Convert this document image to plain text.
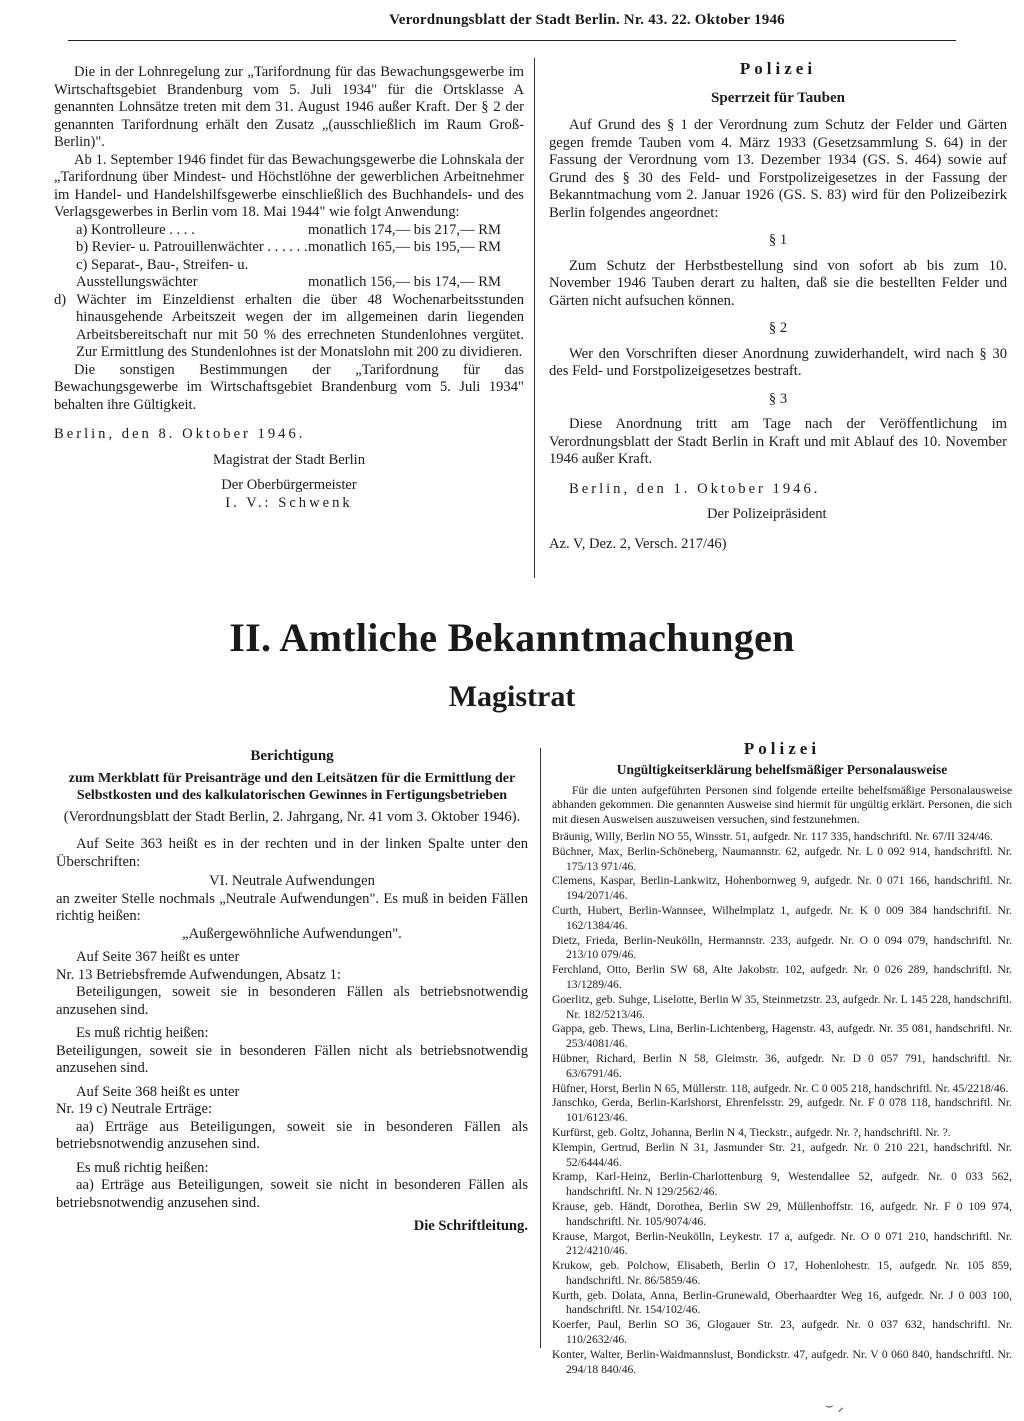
Verordnungsblatt der Stadt Berlin. Nr. 43. 22. Oktober 1946

Die in der Lohnregelung zur „Tarifordnung für das Bewachungsgewerbe im Wirtschaftsgebiet Brandenburg vom 5. Juli 1934" für die Ortsklasse A genannten Lohnsätze treten mit dem 31. August 1946 außer Kraft. Der § 2 der genannten Tarifordnung erhält den Zusatz „(ausschließlich im Raum Groß-Berlin)".

Ab 1. September 1946 findet für das Bewachungsgewerbe die Lohnskala der „Tarifordnung über Mindest- und Höchstlöhne der gewerblichen Arbeitnehmer im Handel- und Handelshilfsgewerbe einschließlich des Buchhandels- und des Verlagsgewerbes in Berlin vom 18. Mai 1944" wie folgt Anwendung:

a) Kontrolleure . . . .	monatlich 174,— bis 217,— RM
b) Revier- u. Patrouillenwächter . . . . . . monatlich 165,— bis 195,— RM
c) Separat-, Bau-, Streifen- u. Ausstellungswächter	monatlich 156,— bis 174,— RM

d) Wächter im Einzeldienst erhalten die über 48 Wochenarbeitsstunden hinausgehende Arbeitszeit wegen der im allgemeinen darin liegenden Arbeitsbereitschaft nur mit 50 % des errechneten Stundenlohnes vergütet. Zur Ermittlung des Stundenlohnes ist der Monatslohn mit 200 zu dividieren.

Die sonstigen Bestimmungen der „Tarifordnung für das Bewachungsgewerbe im Wirtschaftsgebiet Brandenburg vom 5. Juli 1934" behalten ihre Gültigkeit.

Berlin, den 8. Oktober 1946.

Magistrat der Stadt Berlin

Der Oberbürgermeister

I. V.: Schwenk

Polizei

Sperrzeit für Tauben

Auf Grund des § 1 der Verordnung zum Schutz der Felder und Gärten gegen fremde Tauben vom 4. März 1933 (Gesetzsammlung S. 64) in der Fassung der Verordnung vom 13. Dezember 1934 (GS. S. 464) sowie auf Grund des § 30 des Feld- und Forstpolizeigesetzes in der Fassung der Bekanntmachung vom 2. Januar 1926 (GS. S. 83) wird für den Polizeibezirk Berlin folgendes angeordnet:

§ 1

Zum Schutz der Herbstbestellung sind von sofort ab bis zum 10. November 1946 Tauben derart zu halten, daß sie die bestellten Felder und Gärten nicht aufsuchen können.

§ 2

Wer den Vorschriften dieser Anordnung zuwiderhandelt, wird nach § 30 des Feld- und Forstpolizeigesetzes bestraft.

§ 3

Diese Anordnung tritt am Tage nach der Veröffentlichung im Verordnungsblatt der Stadt Berlin in Kraft und mit Ablauf des 10. November 1946 außer Kraft.

Berlin, den 1. Oktober 1946.

Der Polizeipräsident

Az. V, Dez. 2, Versch. 217/46)

II. Amtliche Bekanntmachungen
Magistrat

Berichtigung

zum Merkblatt für Preisanträge und den Leitsätzen für die Ermittlung der Selbstkosten und des kalkulatorischen Gewinnes in Fertigungsbetrieben

(Verordnungsblatt der Stadt Berlin, 2. Jahrgang, Nr. 41 vom 3. Oktober 1946).

Auf Seite 363 heißt es in der rechten und in der linken Spalte unter den Überschriften:

VI. Neutrale Aufwendungen

an zweiter Stelle nochmals „Neutrale Aufwendungen". Es muß in beiden Fällen richtig heißen:

„Außergewöhnliche Aufwendungen".

Auf Seite 367 heißt es unter

Nr. 13 Betriebsfremde Aufwendungen, Absatz 1:

Beteiligungen, soweit sie in besonderen Fällen als betriebsnotwendig anzusehen sind.

Es muß richtig heißen:

Beteiligungen, soweit sie in besonderen Fällen nicht als betriebsnotwendig anzusehen sind.

Auf Seite 368 heißt es unter

Nr. 19 c) Neutrale Erträge:

aa) Erträge aus Beteiligungen, soweit sie in besonderen Fällen als betriebsnotwendig anzusehen sind.

Es muß richtig heißen:

aa) Erträge aus Beteiligungen, soweit sie nicht in besonderen Fällen als betriebsnotwendig anzusehen sind.

Die Schriftleitung.

Polizei

Ungültigkeitserklärung behelfsmäßiger Personalausweise

Für die unten aufgeführten Personen sind folgende erteilte behelfsmäßige Personalausweise abhanden gekommen. Die genannten Ausweise sind hiermit für ungültig erklärt. Personen, die sich mit diesen Ausweisen auszuweisen versuchen, sind festzunehmen.

Bräunig, Willy, Berlin NO 55, Winsstr. 51, aufgedr. Nr. 117 335, handschriftl. Nr. 67/II 324/46.

Büchner, Max, Berlin-Schöneberg, Naumannstr. 62, aufgedr. Nr. L 0 092 914, handschriftl. Nr. 175/13 971/46.

Clemens, Kaspar, Berlin-Lankwitz, Hohenbornweg 9, aufgedr. Nr. 0 071 166, handschriftl. Nr. 194/2071/46.

Curth, Hubert, Berlin-Wannsee, Wilhelmplatz 1, aufgedr. Nr. K 0 009 384 handschriftl. Nr. 162/1384/46.

Dietz, Frieda, Berlin-Neukölln, Hermannstr. 233, aufgedr. Nr. O 0 094 079, handschriftl. Nr. 213/10 079/46.

Ferchland, Otto, Berlin SW 68, Alte Jakobstr. 102, aufgedr. Nr. 0 026 289, handschriftl. Nr. 13/1289/46.

Goerlitz, geb. Suhge, Liselotte, Berlin W 35, Steinmetzstr. 23, aufgedr. Nr. L 145 228, handschriftl. Nr. 182/5213/46.

Gappa, geb. Thews, Lina, Berlin-Lichtenberg, Hagenstr. 43, aufgedr. Nr. 35 081, handschriftl. Nr. 253/4081/46.

Hübner, Richard, Berlin N 58, Gleimstr. 36, aufgedr. Nr. D 0 057 791, handschriftl. Nr. 63/6791/46.

Hüfner, Horst, Berlin N 65, Müllerstr. 118, aufgedr. Nr. C 0 005 218, handschriftl. Nr. 45/2218/46.

Janschko, Gerda, Berlin-Karlshorst, Ehrenfelsstr. 29, aufgedr. Nr. F 0 078 118, handschriftl. Nr. 101/6123/46.

Kurfürst, geb. Goltz, Johanna, Berlin N 4, Tieckstr., aufgedr. Nr. ?, handschriftl. Nr. ?.

Klempin, Gertrud, Berlin N 31, Jasmunder Str. 21, aufgedr. Nr. 0 210 221, handschriftl. Nr. 52/6444/46.

Kramp, Karl-Heinz, Berlin-Charlottenburg 9, Westendallee 52, aufgedr. Nr. 0 033 562, handschriftl. Nr. N 129/2562/46.

Krause, geb. Händt, Dorothea, Berlin SW 29, Müllenhoffstr. 16, aufgedr. Nr. F 0 109 974, handschriftl. Nr. 105/9074/46.

Krause, Margot, Berlin-Neukölln, Leykestr. 17 a, aufgedr. Nr. O 0 071 210, handschriftl. Nr. 212/4210/46.

Krukow, geb. Polchow, Elisabeth, Berlin O 17, Hohenlohestr. 15, aufgedr. Nr. 105 859, handschriftl. Nr. 86/5859/46.

Kurth, geb. Dolata, Anna, Berlin-Grunewald, Oberhaardter Weg 16, aufgedr. Nr. J 0 003 100, handschriftl. Nr. 154/102/46.

Koerfer, Paul, Berlin SO 36, Glogauer Str. 23, aufgedr. Nr. 0 037 632, handschriftl. Nr. 110/2632/46.

Konter, Walter, Berlin-Waidmannslust, Bondickstr. 47, aufgedr. Nr. V 0 060 840, handschriftl. Nr. 294/18 840/46.

⌣ ⸝
